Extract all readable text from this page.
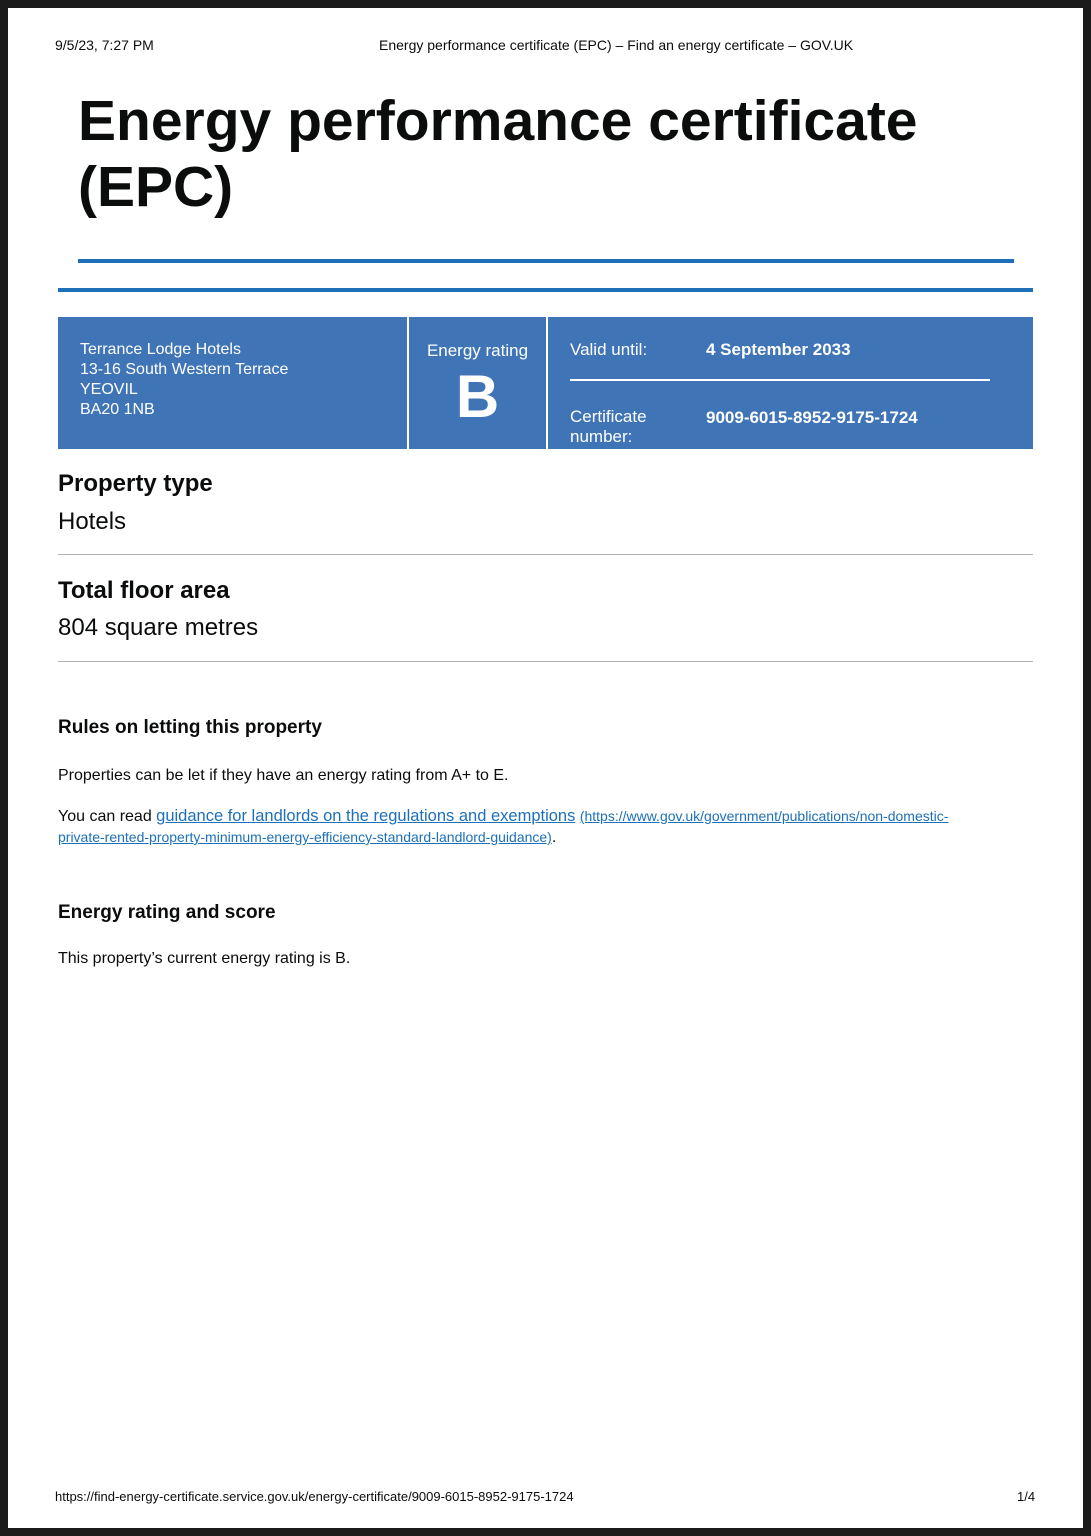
9/5/23, 7:27 PM	Energy performance certificate (EPC) – Find an energy certificate – GOV.UK
Energy performance certificate (EPC)
Terrance Lodge Hotels
13-16 South Western Terrace
YEOVIL
BA20 1NB
Energy rating
B
Valid until:	4 September 2033
Certificate number:
9009-6015-8952-9175-1724
Property type
Hotels
Total floor area
804 square metres
Rules on letting this property

Properties can be let if they have an energy rating from A+ to E.

You can read guidance for landlords on the regulations and exemptions (https://www.gov.uk/government/publications/non-domestic-private-rented-property-minimum-energy-efficiency-standard-landlord-guidance).

Energy rating and score

This property’s current energy rating is B.

https://find-energy-certificate.service.gov.uk/energy-certificate/9009-6015-8952-9175-1724	1/4
